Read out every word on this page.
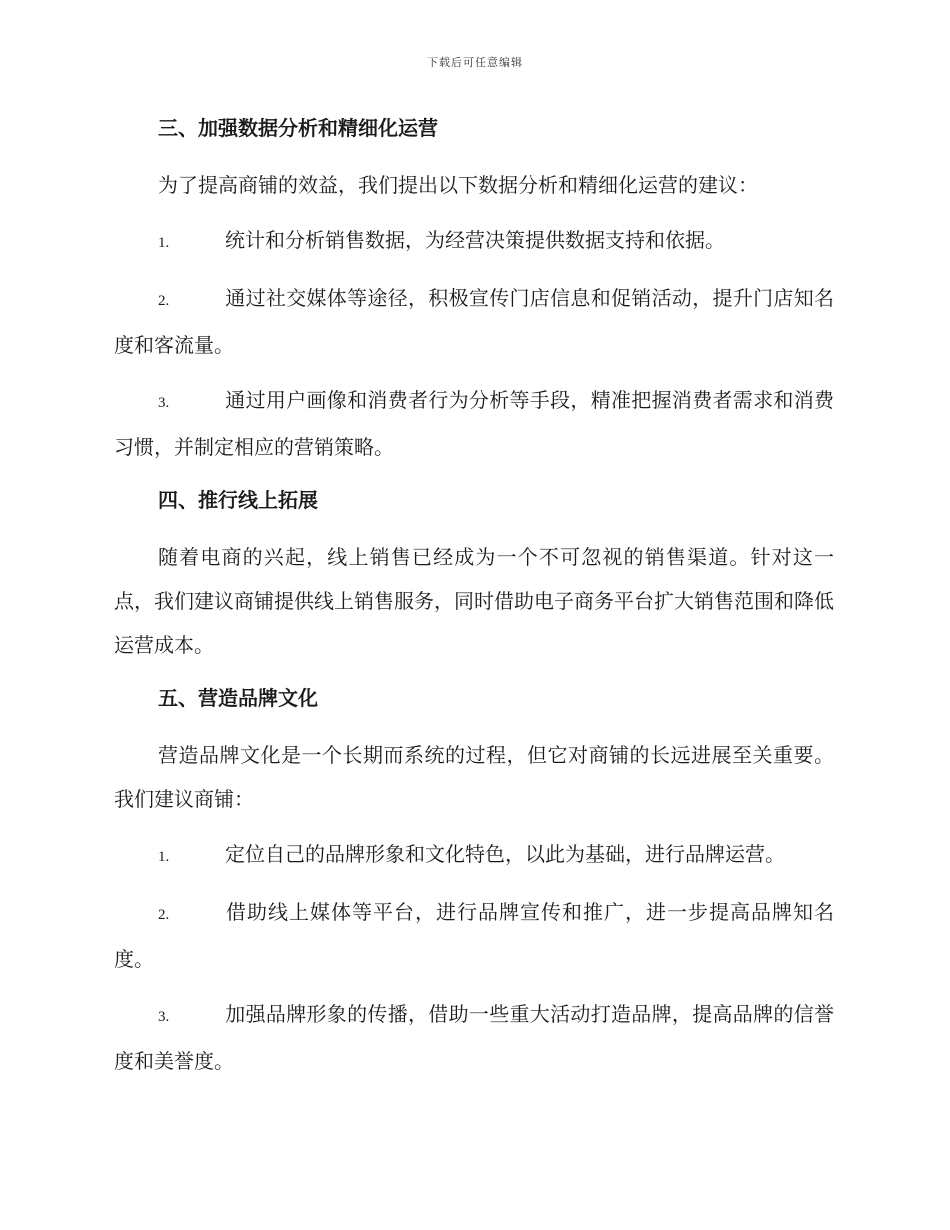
下载后可任意编辑
三、加强数据分析和精细化运营
为了提高商铺的效益，我们提出以下数据分析和精细化运营的建议：
1.	统计和分析销售数据，为经营决策提供数据支持和依据。
2.	通过社交媒体等途径，积极宣传门店信息和促销活动，提升门店知名度和客流量。
3.	通过用户画像和消费者行为分析等手段，精准把握消费者需求和消费习惯，并制定相应的营销策略。
四、推行线上拓展
随着电商的兴起，线上销售已经成为一个不可忽视的销售渠道。针对这一点，我们建议商铺提供线上销售服务，同时借助电子商务平台扩大销售范围和降低运营成本。
五、营造品牌文化
营造品牌文化是一个长期而系统的过程，但它对商铺的长远进展至关重要。我们建议商铺：
1.	定位自己的品牌形象和文化特色，以此为基础，进行品牌运营。
2.	借助线上媒体等平台，进行品牌宣传和推广，进一步提高品牌知名度。
3.	加强品牌形象的传播，借助一些重大活动打造品牌，提高品牌的信誉度和美誉度。
